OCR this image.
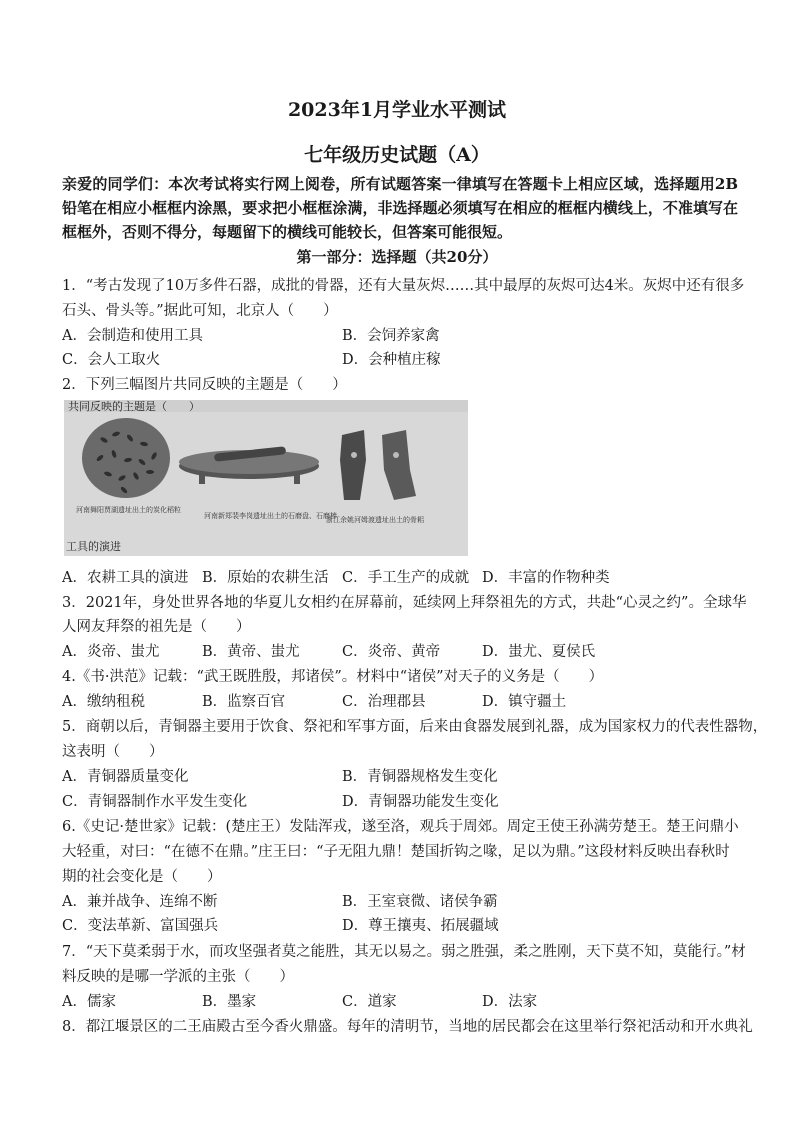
2023年1月学业水平测试
七年级历史试题（A）
亲爱的同学们：本次考试将实行网上阅卷，所有试题答案一律填写在答题卡上相应区域，选择题用2B铅笔在相应小框框内涂黑，要求把小框框涂满，非选择题必须填写在相应的框框内横线上，不准填写在框框外，否则不得分，每题留下的横线可能较长，但答案可能很短。
第一部分：选择题（共20分）
1．“考古发现了10万多件石器，成批的骨器，还有大量灰烬……其中最厚的灰烬可达4米。灰烬中还有很多
石头、骨头等。”据此可知，北京人（　　）
A．会制造和使用工具	B．会饲养家禽
C．会人工取火	D．会种植庄稼
2．下列三幅图片共同反映的主题是（　　）
共同反映的主题是（　　）
河南舞阳贾湖遗址出土的炭化稻粒
河南新郑裴李岗遗址出土的石磨盘、石磨棒
浙江余姚河姆渡遗址出土的骨耜
工具的演进
A．农耕工具的演进 B．原始的农耕生活 C．手工生产的成就 D．丰富的作物种类
3．2021年，身处世界各地的华夏儿女相约在屏幕前，延续网上拜祭祖先的方式，共赴“心灵之约”。全球华
人网友拜祭的祖先是（　　）
A．炎帝、蚩尤	B．黄帝、蚩尤	C．炎帝、黄帝	D．蚩尤、夏侯氏
4.《书·洪范》记载：“武王既胜殷，邦诸侯”。材料中“诸侯”对天子的义务是（　　）
A．缴纳租税	B．监察百官	C．治理郡县	D．镇守疆土
5．商朝以后，青铜器主要用于饮食、祭祀和军事方面，后来由食器发展到礼器，成为国家权力的代表性器物，
这表明（　　）
A．青铜器质量变化	B．青铜器规格发生变化
C．青铜器制作水平发生变化	D．青铜器功能发生变化
6.《史记·楚世家》记载：(楚庄王）发陆浑戎，遂至洛，观兵于周郊。周定王使王孙满劳楚王。楚王问鼎小
大轻重，对曰：“在德不在鼎。”庄王曰：“子无阻九鼎！楚国折钩之喙，足以为鼎。”这段材料反映出春秋时
期的社会变化是（　　）
A．兼并战争、连绵不断	B．王室衰微、诸侯争霸
C．变法革新、富国强兵	D．尊王攘夷、拓展疆域
7．“天下莫柔弱于水，而攻坚强者莫之能胜，其无以易之。弱之胜强，柔之胜刚，天下莫不知，莫能行。”材
料反映的是哪一学派的主张（　　）
A．儒家	B．墨家	C．道家	D．法家
8．都江堰景区的二王庙殿古至今香火鼎盛。每年的清明节，当地的居民都会在这里举行祭祀活动和开水典礼
